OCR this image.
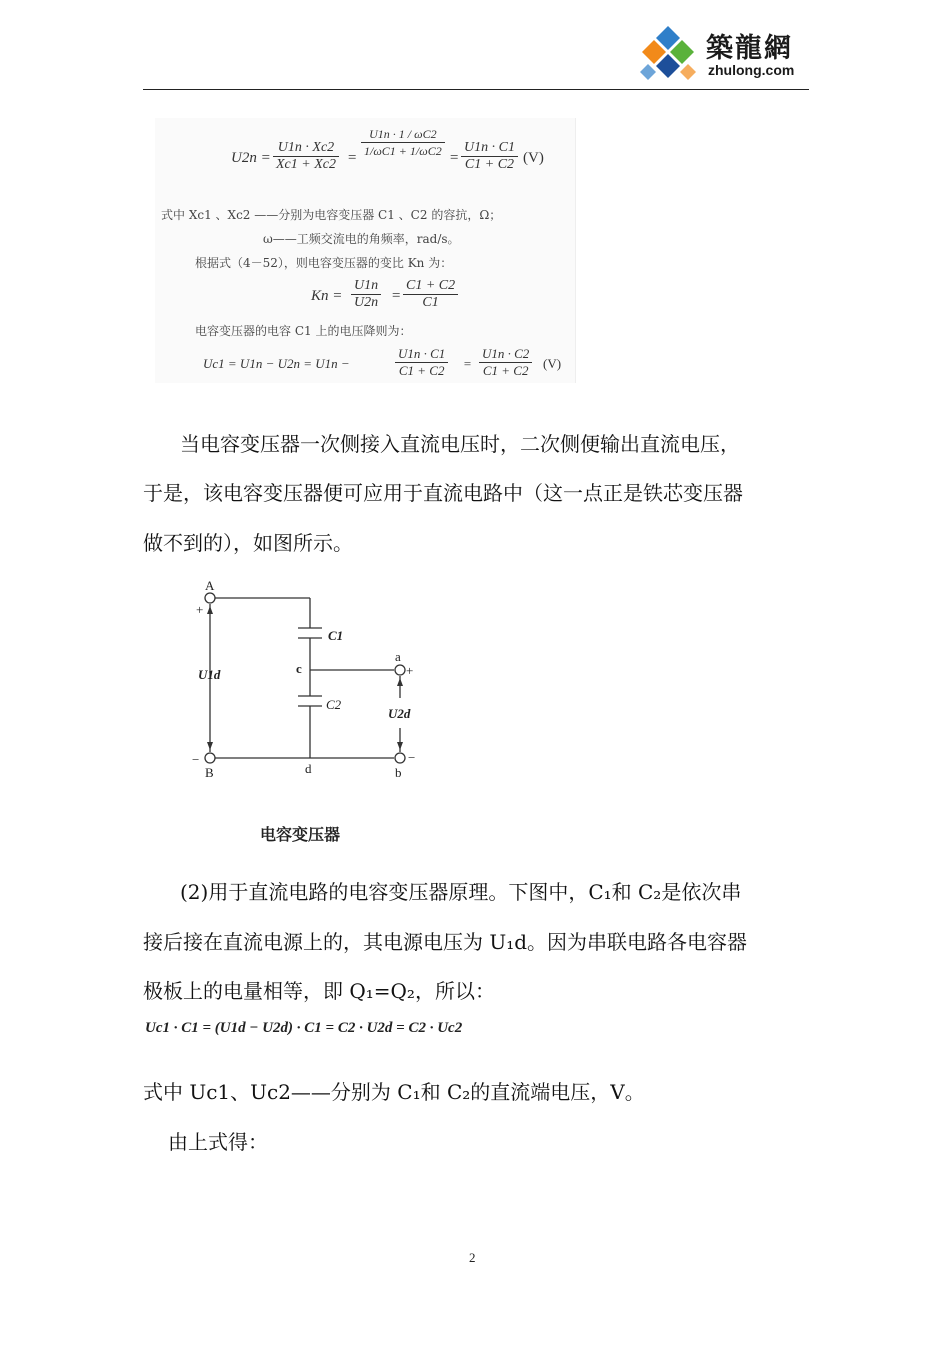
築龍網
zhulong.com
U2n =
U1n · Xc2
Xc1 + Xc2 =
U1n · 1 / ωC2
1/ωC1 + 1/ωC2 =
U1n · C1
C1 + C2 (V)
式中 Xc1 、Xc2 ——分别为电容变压器 C1 、C2 的容抗，Ω；
ω——工频交流电的角频率，rad/s。
根据式（4－52），则电容变压器的变比 Kn 为：
Kn =
U1n
U2n =
C1 + C2
C1
电容变压器的电容 C1 上的电压降则为：
Uc1 = U1n − U2n = U1n −
U1n · C1
C1 + C2 =
U1n · C2
C1 + C2 (V)
当电容变压器一次侧接入直流电压时，二次侧便输出直流电压，
于是，该电容变压器便可应用于直流电路中（这一点正是铁芯变压器
做不到的），如图所示。
A
+
U1d
−
B
C1
c
C2
d
a
+
U2d
−
b
电容变压器
(2)用于直流电路的电容变压器原理。下图中，C₁和 C₂是依次串
接后接在直流电源上的，其电源电压为 U₁d。因为串联电路各电容器
极板上的电量相等，即 Q₁=Q₂，所以：
Uc1 · C1 = (U1d − U2d) · C1 = C2 · U2d = C2 · Uc2
式中 Uc1、Uc2——分别为 C₁和 C₂的直流端电压，V。
由上式得：
2
